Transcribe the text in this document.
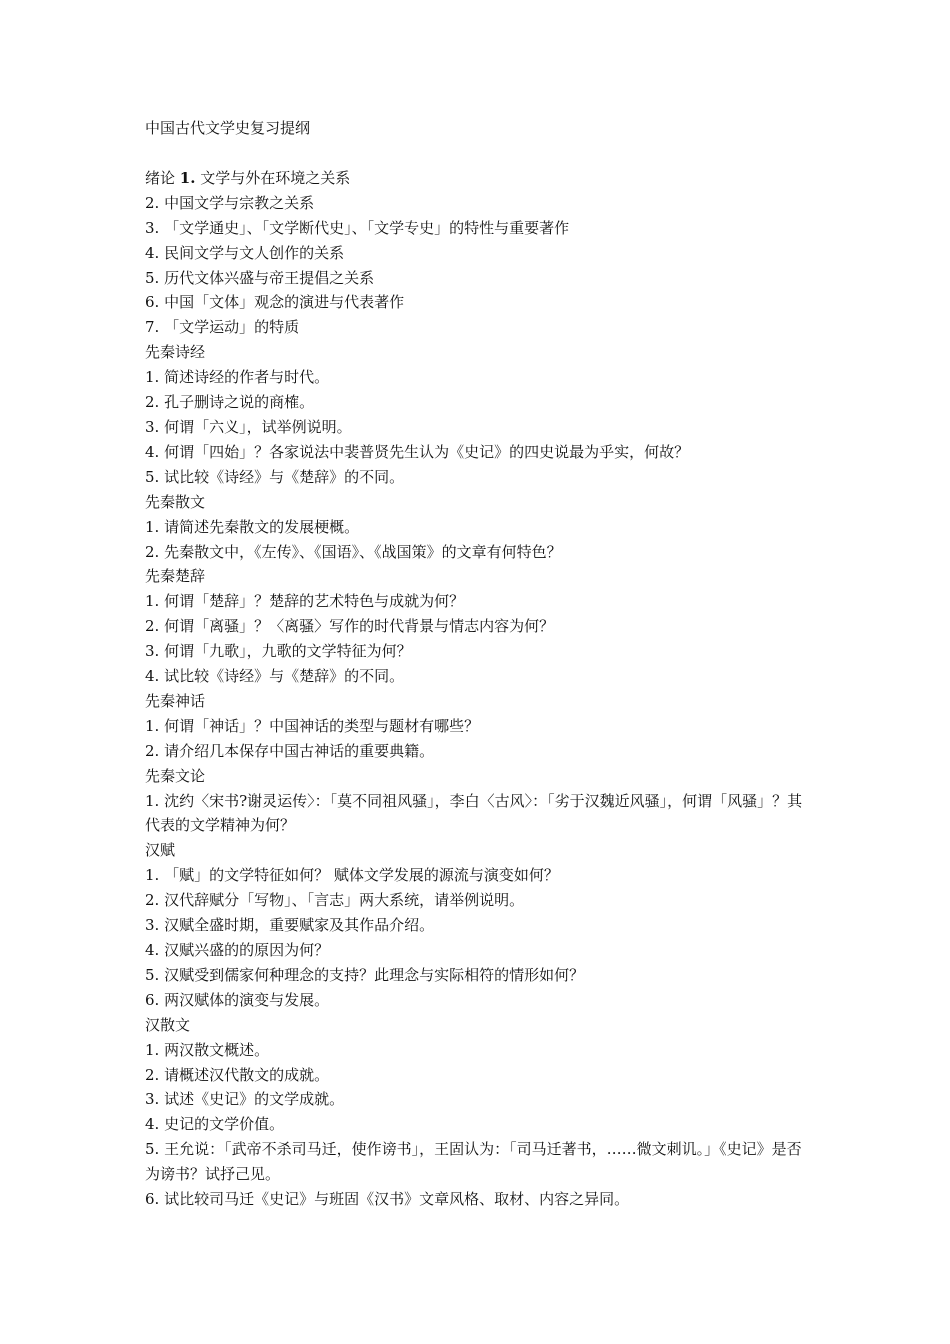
中国古代文学史复习提纲

绪论 1. 文学与外在环境之关系

2. 中国文学与宗教之关系

3. 「文学通史」、「文学断代史」、「文学专史」的特性与重要著作

4. 民间文学与文人创作的关系

5. 历代文体兴盛与帝王提倡之关系

6. 中国「文体」观念的演进与代表著作

7. 「文学运动」的特质

先秦诗经

1. 简述诗经的作者与时代。

2. 孔子删诗之说的商榷。

3. 何谓「六义」，试举例说明。

4. 何谓「四始」？各家说法中裴普贤先生认为《史记》的四史说最为乎实，何故？

5. 试比较《诗经》与《楚辞》的不同。

先秦散文

1. 请简述先秦散文的发展梗概。

2. 先秦散文中，《左传》、《国语》、《战国策》的文章有何特色？

先秦楚辞

1. 何谓「楚辞」？楚辞的艺术特色与成就为何？

2. 何谓「离骚」？〈离骚〉写作的时代背景与情志内容为何？

3. 何谓「九歌」，九歌的文学特征为何？

4. 试比较《诗经》与《楚辞》的不同。

先秦神话

1. 何谓「神话」？中国神话的类型与题材有哪些？

2. 请介绍几本保存中国古神话的重要典籍。

先秦文论

1. 沈约〈宋书?谢灵运传〉：「莫不同祖风骚」，李白〈古风〉：「劣于汉魏近风骚」，何谓「风骚」？其代表的文学精神为何？

汉赋

1. 「赋」的文学特征如何？ 赋体文学发展的源流与演变如何？

2. 汉代辞赋分「写物」、「言志」两大系统，请举例说明。

3. 汉赋全盛时期，重要赋家及其作品介绍。

4. 汉赋兴盛的的原因为何？

5. 汉赋受到儒家何种理念的支持？此理念与实际相符的情形如何？

6. 两汉赋体的演变与发展。

汉散文

1. 两汉散文概述。

2. 请概述汉代散文的成就。

3. 试述《史记》的文学成就。

4. 史记的文学价值。

5. 王允说：「武帝不杀司马迁，使作谤书」，王固认为：「司马迁著书，……微文刺讥。」《史记》是否为谤书？试抒己见。

6. 试比较司马迁《史记》与班固《汉书》文章风格、取材、内容之异同。
